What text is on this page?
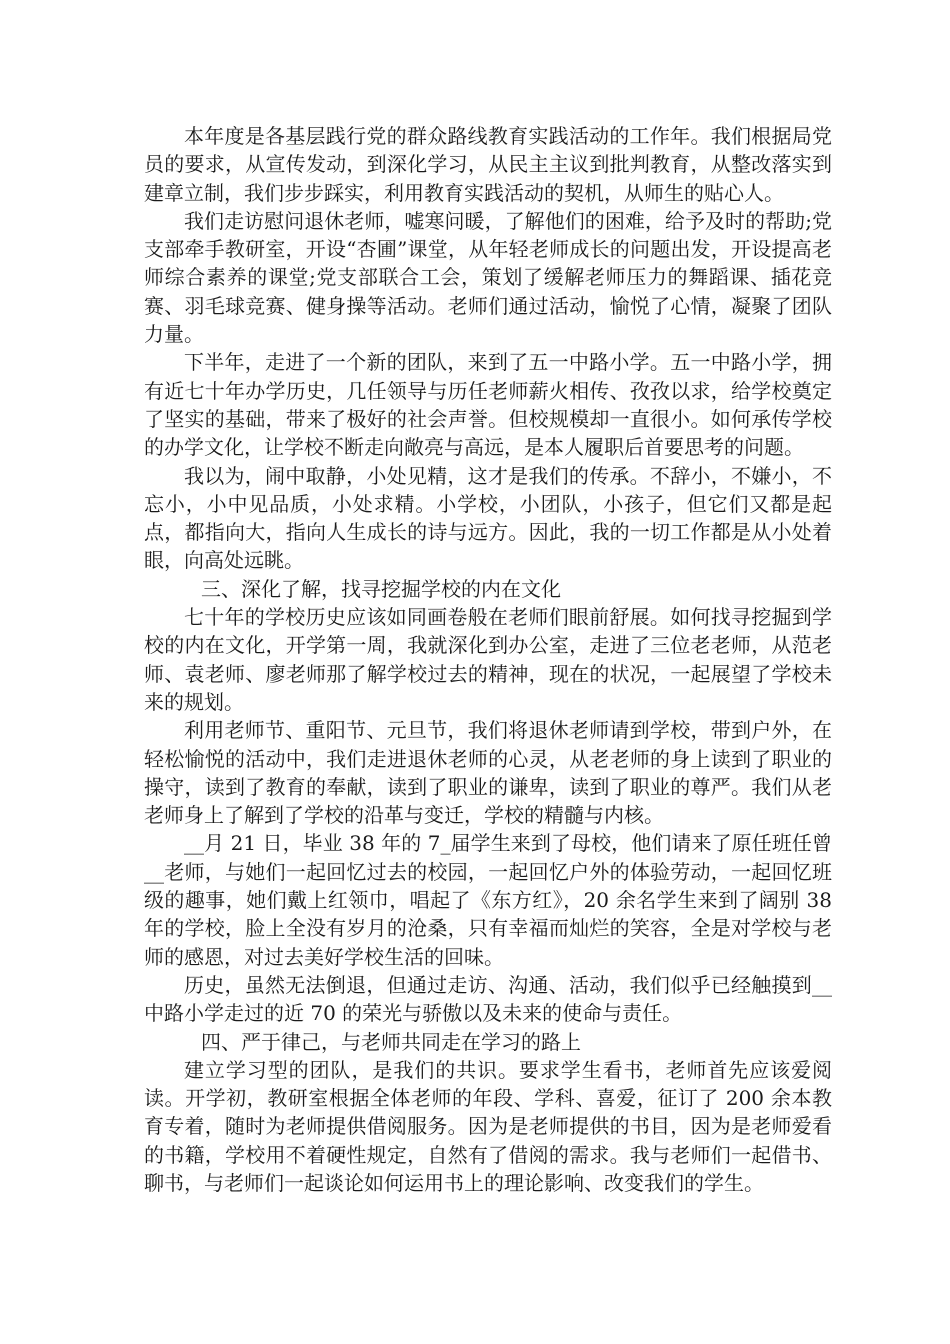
本年度是各基层践行党的群众路线教育实践活动的工作年。我们根据局党员的要求，从宣传发动，到深化学习，从民主主议到批判教育，从整改落实到建章立制，我们步步踩实，利用教育实践活动的契机，从师生的贴心人。

我们走访慰问退休老师，嘘寒问暖，了解他们的困难，给予及时的帮助;党支部牵手教研室，开设“杏圃”课堂，从年轻老师成长的问题出发，开设提高老师综合素养的课堂;党支部联合工会，策划了缓解老师压力的舞蹈课、插花竞赛、羽毛球竞赛、健身操等活动。老师们通过活动，愉悦了心情，凝聚了团队力量。

下半年，走进了一个新的团队，来到了五一中路小学。五一中路小学，拥有近七十年办学历史，几任领导与历任老师薪火相传、孜孜以求，给学校奠定了坚实的基础，带来了极好的社会声誉。但校规模却一直很小。如何承传学校的办学文化，让学校不断走向敞亮与高远，是本人履职后首要思考的问题。

我以为，闹中取静，小处见精，这才是我们的传承。不辞小，不嫌小，不忘小，小中见品质，小处求精。小学校，小团队，小孩子，但它们又都是起点，都指向大，指向人生成长的诗与远方。因此，我的一切工作都是从小处着眼，向高处远眺。

三、深化了解，找寻挖掘学校的内在文化

七十年的学校历史应该如同画卷般在老师们眼前舒展。如何找寻挖掘到学校的内在文化，开学第一周，我就深化到办公室，走进了三位老老师，从范老师、袁老师、廖老师那了解学校过去的精神，现在的状况，一起展望了学校未来的规划。

利用老师节、重阳节、元旦节，我们将退休老师请到学校，带到户外，在轻松愉悦的活动中，我们走进退休老师的心灵，从老老师的身上读到了职业的操守，读到了教育的奉献，读到了职业的谦卑，读到了职业的尊严。我们从老老师身上了解到了学校的沿革与变迁，学校的精髓与内核。

__月 21 日，毕业 38 年的 7_届学生来到了母校，他们请来了原任班任曾__老师，与她们一起回忆过去的校园，一起回忆户外的体验劳动，一起回忆班级的趣事，她们戴上红领巾，唱起了《东方红》，20 余名学生来到了阔别 38 年的学校，脸上全没有岁月的沧桑，只有幸福而灿烂的笑容，全是对学校与老师的感恩，对过去美好学校生活的回味。

历史，虽然无法倒退，但通过走访、沟通、活动，我们似乎已经触摸到__中路小学走过的近 70 的荣光与骄傲以及未来的使命与责任。

四、严于律己，与老师共同走在学习的路上

建立学习型的团队，是我们的共识。要求学生看书，老师首先应该爱阅读。开学初，教研室根据全体老师的年段、学科、喜爱，征订了 200 余本教育专着，随时为老师提供借阅服务。因为是老师提供的书目，因为是老师爱看的书籍，学校用不着硬性规定，自然有了借阅的需求。我与老师们一起借书、聊书，与老师们一起谈论如何运用书上的理论影响、改变我们的学生。
